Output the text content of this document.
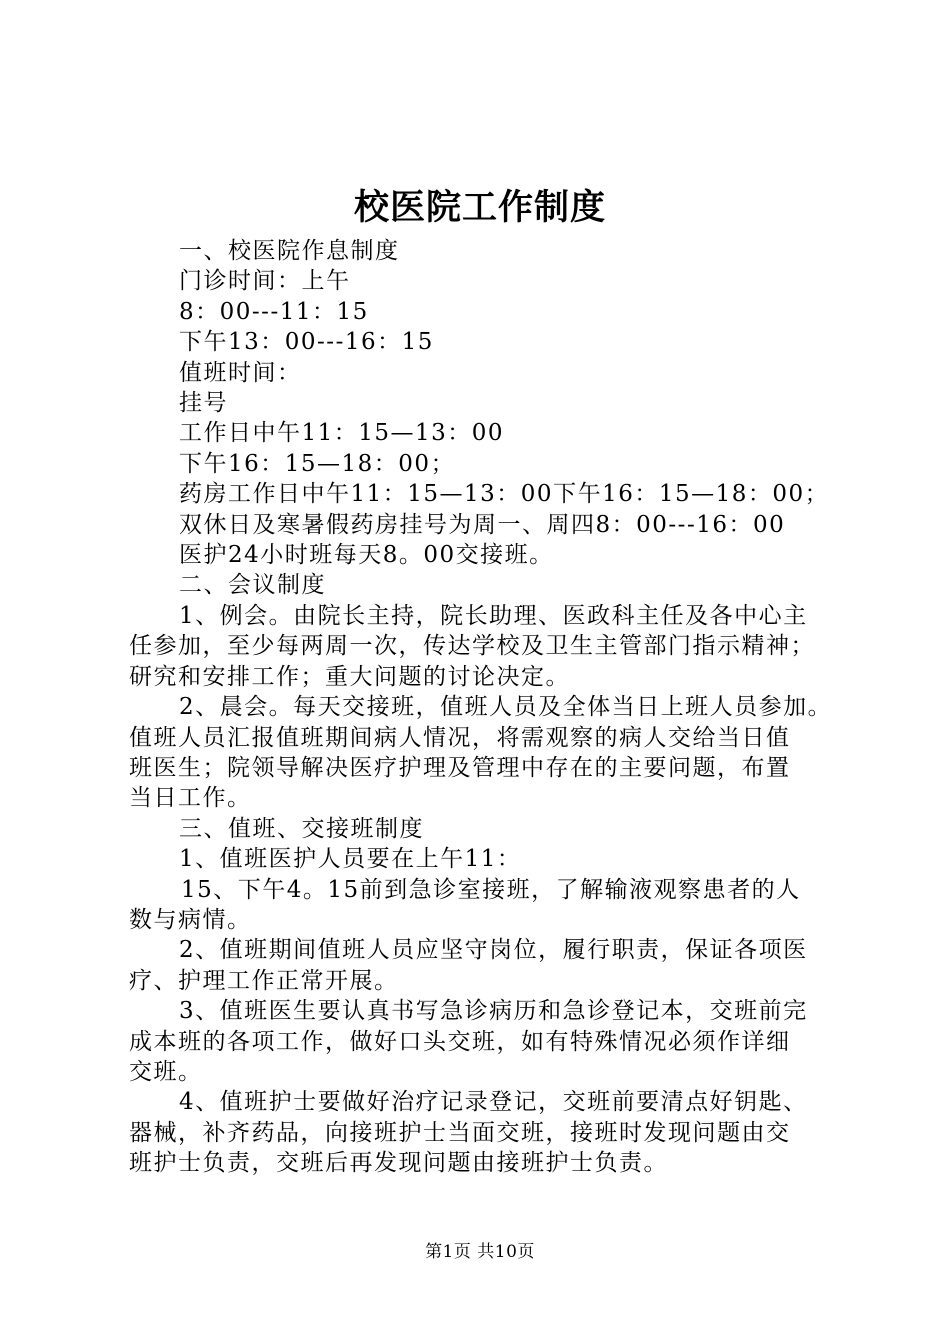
校医院工作制度
一、校医院作息制度
门诊时间：上午
8：00---11：15
下午13：00---16：15
值班时间：
挂号
工作日中午11：15—13：00
下午16：15—18：00；
药房工作日中午11：15—13：00下午16：15—18：00；
双休日及寒暑假药房挂号为周一、周四8：00---16：00
医护24小时班每天8。00交接班。
二、会议制度
1、例会。由院长主持，院长助理、医政科主任及各中心主
任参加，至少每两周一次，传达学校及卫生主管部门指示精神；
研究和安排工作；重大问题的讨论决定。
2、晨会。每天交接班，值班人员及全体当日上班人员参加。
值班人员汇报值班期间病人情况，将需观察的病人交给当日值
班医生；院领导解决医疗护理及管理中存在的主要问题，布置
当日工作。
三、值班、交接班制度
1、值班医护人员要在上午11：
15、下午4。15前到急诊室接班，了解输液观察患者的人
数与病情。
2、值班期间值班人员应坚守岗位，履行职责，保证各项医
疗、护理工作正常开展。
3、值班医生要认真书写急诊病历和急诊登记本，交班前完
成本班的各项工作，做好口头交班，如有特殊情况必须作详细
交班。
4、值班护士要做好治疗记录登记，交班前要清点好钥匙、
器械，补齐药品，向接班护士当面交班，接班时发现问题由交
班护士负责，交班后再发现问题由接班护士负责。
第1页 共10页
